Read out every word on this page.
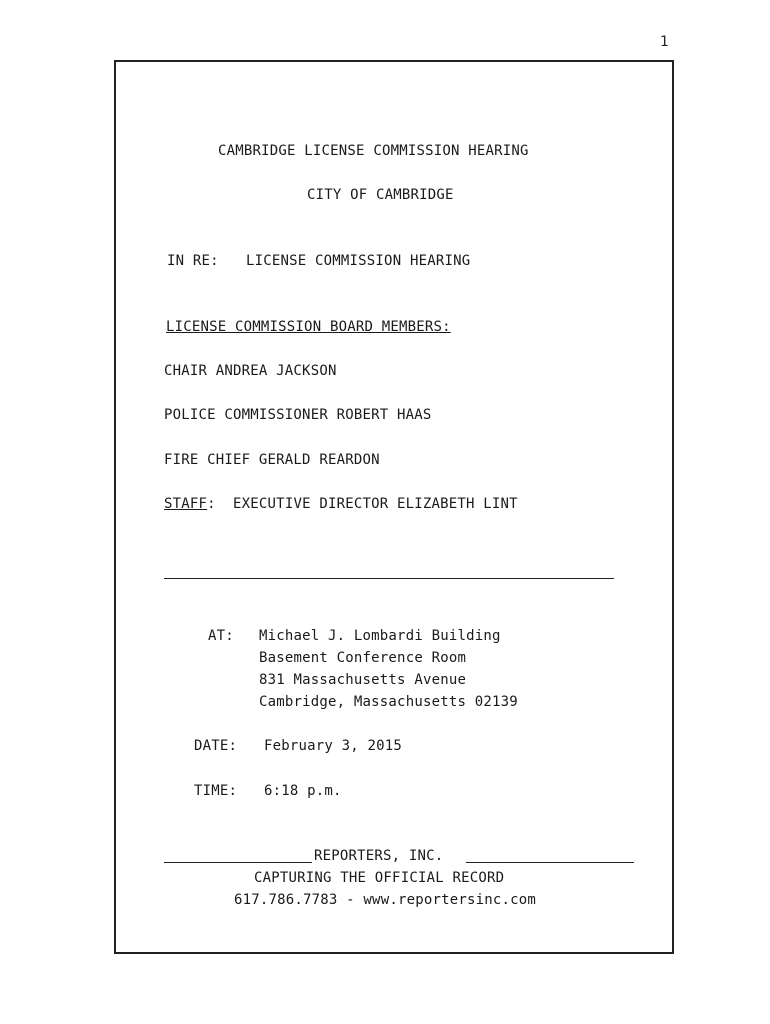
1
CAMBRIDGE LICENSE COMMISSION HEARING
CITY OF CAMBRIDGE
IN RE: LICENSE COMMISSION HEARING
LICENSE COMMISSION BOARD MEMBERS:
CHAIR ANDREA JACKSON
POLICE COMMISSIONER ROBERT HAAS
FIRE CHIEF GERALD REARDON
STAFF:  EXECUTIVE DIRECTOR ELIZABETH LINT
AT: Michael J. Lombardi Building
Basement Conference Room
831 Massachusetts Avenue
Cambridge, Massachusetts 02139
DATE: February 3, 2015
TIME: 6:18 p.m.
REPORTERS, INC.
CAPTURING THE OFFICIAL RECORD
617.786.7783 - www.reportersinc.com
